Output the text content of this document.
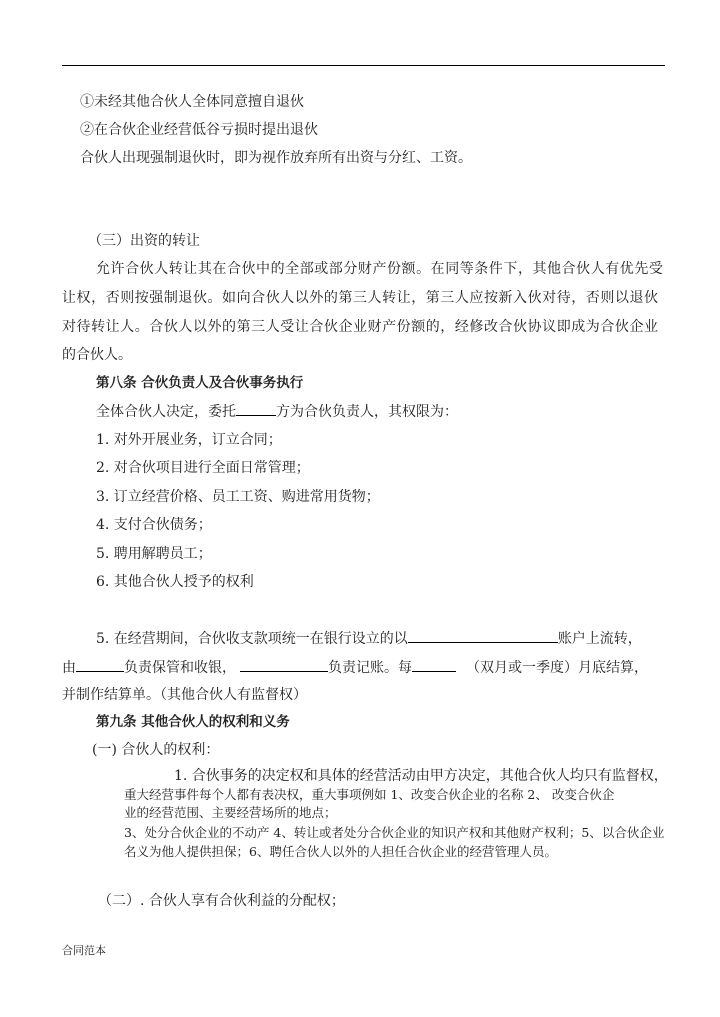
①未经其他合伙人全体同意擅自退伙
②在合伙企业经营低谷亏损时提出退伙
合伙人出现强制退伙时，即为视作放弃所有出资与分红、工资。
（三）出资的转让
允许合伙人转让其在合伙中的全部或部分财产份额。在同等条件下，其他合伙人有优先受
让权，否则按强制退伙。如向合伙人以外的第三人转让，第三人应按新入伙对待，否则以退伙
对待转让人。合伙人以外的第三人受让合伙企业财产份额的，经修改合伙协议即成为合伙企业
的合伙人。
第八条 合伙负责人及合伙事务执行
全体合伙人决定，委托	方为合伙负责人，其权限为：
1. 对外开展业务，订立合同；
2. 对合伙项目进行全面日常管理；
3. 订立经营价格、员工工资、购进常用货物；
4. 支付合伙债务；
5. 聘用解聘员工；
6. 其他合伙人授予的权利
5. 在经营期间，合伙收支款项统一在银行设立的以	账户上流转，
由	负责保管和收银，	负责记账。每	（双月或一季度）月底结算，
并制作结算单。（其他合伙人有监督权）
第九条 其他合伙人的权利和义务
(一) 合伙人的权利：
1. 合伙事务的决定权和具体的经营活动由甲方决定，其他合伙人均只有监督权，
重大经营事件每个人都有表决权，重大事项例如 1、改变合伙企业的名称 2、 改变合伙企
业的经营范围、主要经营场所的地点；
3、处分合伙企业的不动产 4、转让或者处分合伙企业的知识产权和其他财产权利；5、以合伙企业
名义为他人提供担保；6、聘任合伙人以外的人担任合伙企业的经营管理人员。
（二）. 合伙人享有合伙利益的分配权；
合同范本
